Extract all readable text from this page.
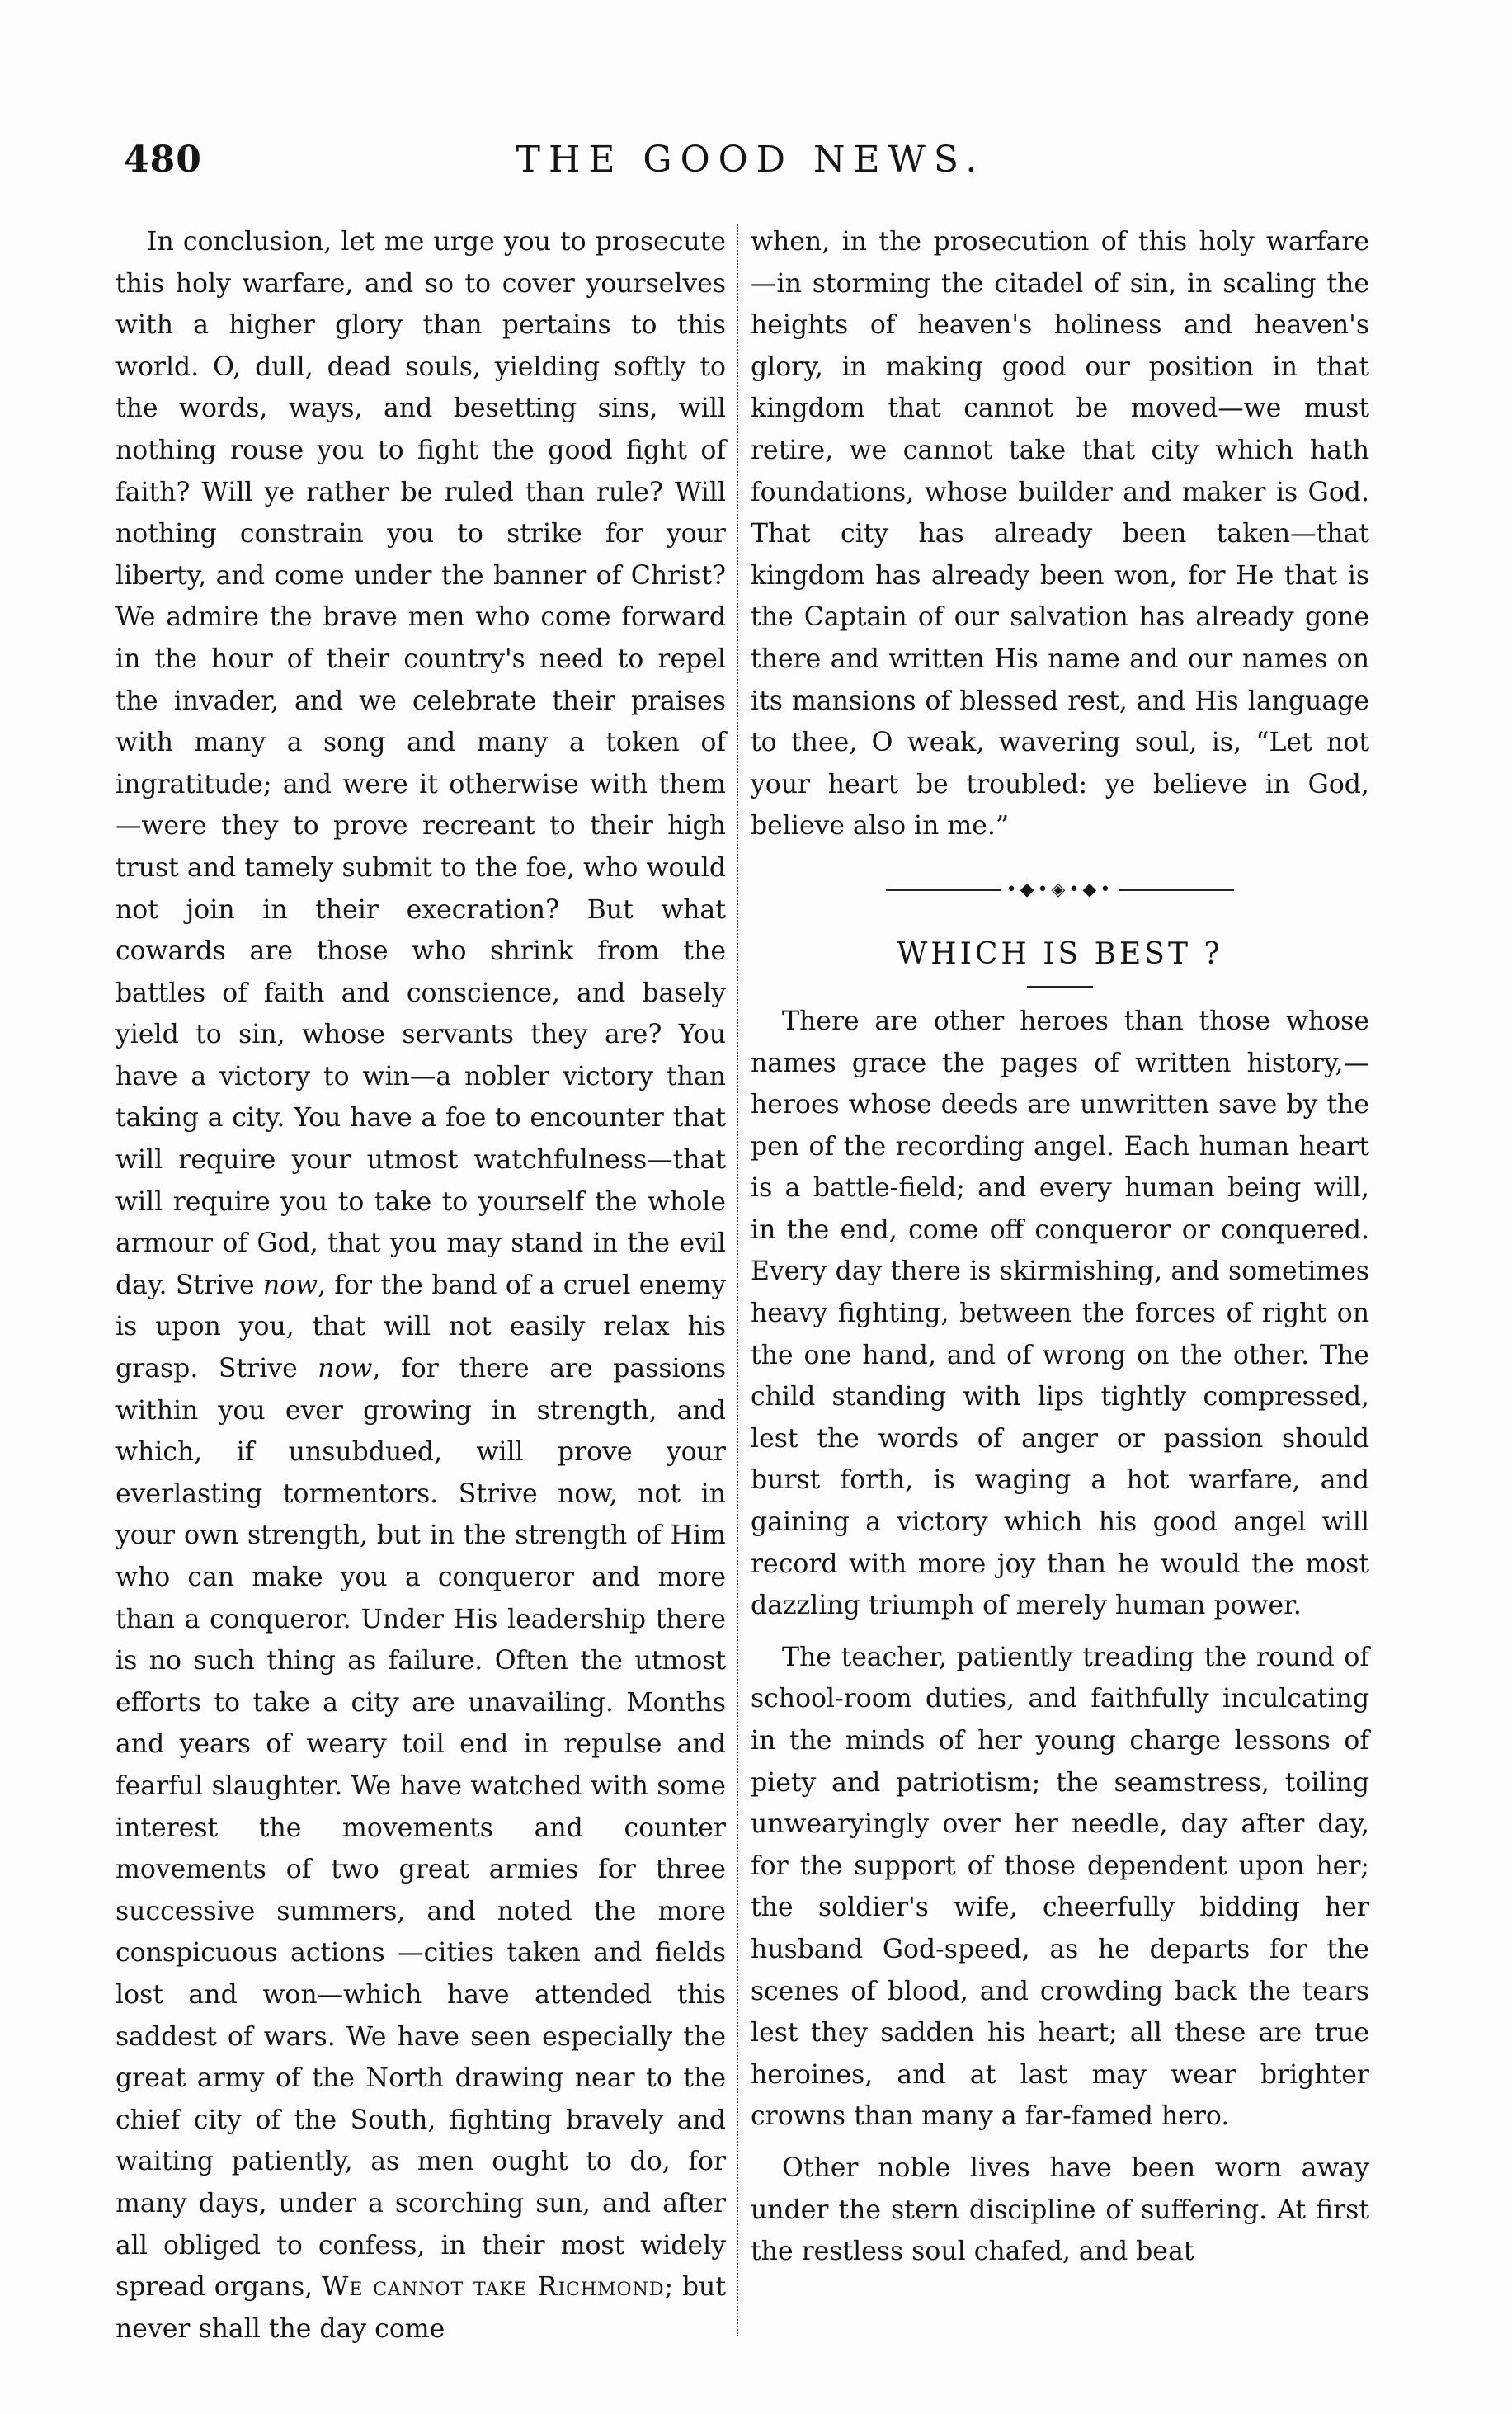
480	THE GOOD NEWS.

In conclusion, let me urge you to prosecute this holy warfare, and so to cover yourselves with a higher glory than pertains to this world. O, dull, dead souls, yielding softly to the words, ways, and besetting sins, will nothing rouse you to fight the good fight of faith? Will ye rather be ruled than rule? Will nothing constrain you to strike for your liberty, and come under the banner of Christ? We admire the brave men who come forward in the hour of their country's need to repel the invader, and we celebrate their praises with many a song and many a token of ingratitude; and were it otherwise with them —were they to prove recreant to their high trust and tamely submit to the foe, who would not join in their execration? But what cowards are those who shrink from the battles of faith and conscience, and basely yield to sin, whose servants they are? You have a victory to win—a nobler victory than taking a city. You have a foe to encounter that will require your utmost watchfulness—that will require you to take to yourself the whole armour of God, that you may stand in the evil day. Strive now, for the band of a cruel enemy is upon you, that will not easily relax his grasp. Strive now, for there are passions within you ever growing in strength, and which, if unsubdued, will prove your everlasting tormentors. Strive now, not in your own strength, but in the strength of Him who can make you a conqueror and more than a conqueror. Under His leadership there is no such thing as failure. Often the utmost efforts to take a city are unavailing. Months and years of weary toil end in repulse and fearful slaughter. We have watched with some interest the movements and counter movements of two great armies for three successive summers, and noted the more conspicuous actions —cities taken and fields lost and won—which have attended this saddest of wars. We have seen especially the great army of the North drawing near to the chief city of the South, fighting bravely and waiting patiently, as men ought to do, for many days, under a scorching sun, and after all obliged to confess, in their most widely spread organs, We cannot take Richmond; but never shall the day come

when, in the prosecution of this holy warfare —in storming the citadel of sin, in scaling the heights of heaven's holiness and heaven's glory, in making good our position in that kingdom that cannot be moved—we must retire, we cannot take that city which hath foundations, whose builder and maker is God. That city has already been taken—that kingdom has already been won, for He that is the Captain of our salvation has already gone there and written His name and our names on its mansions of blessed rest, and His language to thee, O weak, wavering soul, is, “Let not your heart be troubled: ye believe in God, believe also in me.”

•◆•◈•◆•
WHICH IS BEST ?

There are other heroes than those whose names grace the pages of written history,—heroes whose deeds are unwritten save by the pen of the recording angel. Each human heart is a battle-field; and every human being will, in the end, come off conqueror or conquered. Every day there is skirmishing, and sometimes heavy fighting, between the forces of right on the one hand, and of wrong on the other. The child standing with lips tightly compressed, lest the words of anger or passion should burst forth, is waging a hot warfare, and gaining a victory which his good angel will record with more joy than he would the most dazzling triumph of merely human power.

The teacher, patiently treading the round of school-room duties, and faithfully inculcating in the minds of her young charge lessons of piety and patriotism; the seamstress, toiling unwearyingly over her needle, day after day, for the support of those dependent upon her; the soldier's wife, cheerfully bidding her husband God-speed, as he departs for the scenes of blood, and crowding back the tears lest they sadden his heart; all these are true heroines, and at last may wear brighter crowns than many a far-famed hero.

Other noble lives have been worn away under the stern discipline of suffering. At first the restless soul chafed, and beat
